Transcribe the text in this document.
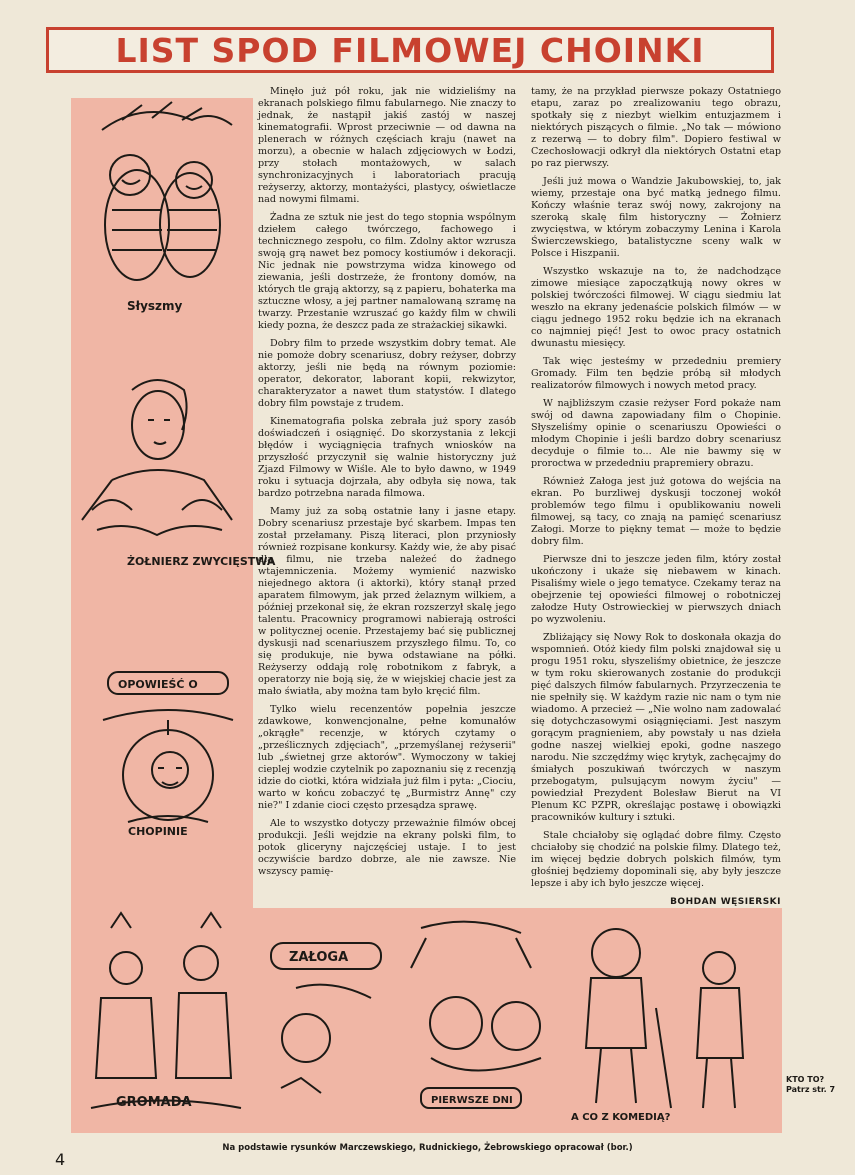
LIST SPOD FILMOWEJ CHOINKI
Słyszmy
ŻOŁNIERZ ZWYCIĘSTWA
OPOWIEŚĆ O
CHOPINIE

Minęło już pół roku, jak nie widzieliśmy na ekranach polskiego filmu fabularnego. Nie znaczy to jednak, że nastąpił jakiś zastój w naszej kinematografii. Wprost przeciwnie — od dawna na plenerach w różnych częściach kraju (nawet na morzu), a obecnie w halach zdjęciowych w Łodzi, przy stołach montażowych, w salach synchronizacyjnych i laboratoriach pracują reżyserzy, aktorzy, montażyści, plastycy, oświetlacze nad nowymi filmami.

Żadna ze sztuk nie jest do tego stopnia wspólnym dziełem całego twórczego, fachowego i technicznego zespołu, co film. Zdolny aktor wzrusza swoją grą nawet bez pomocy kostiumów i dekoracji. Nic jednak nie powstrzyma widza kinowego od ziewania, jeśli dostrzeże, że frontony domów, na których tle grają aktorzy, są z papieru, bohaterka ma sztuczne włosy, a jej partner namalowaną szramę na twarzy. Przestanie wzruszać go każdy film w chwili kiedy pozna, że deszcz pada ze strażackiej sikawki.

Dobry film to przede wszystkim dobry temat. Ale nie pomoże dobry scenariusz, dobry reżyser, dobrzy aktorzy, jeśli nie będą na równym poziomie: operator, dekorator, laborant kopii, rekwizytor, charakteryzator a nawet tłum statystów. I dlatego dobry film powstaje z trudem.

Kinematografia polska zebrała już spory zasób doświadczeń i osiągnięć. Do skorzystania z lekcji błędów i wyciągnięcia trafnych wniosków na przyszłość przyczynił się walnie historyczny już Zjazd Filmowy w Wiśle. Ale to było dawno, w 1949 roku i sytuacja dojrzała, aby odbyła się nowa, tak bardzo potrzebna narada filmowa.

Mamy już za sobą ostatnie łany i jasne etapy. Dobry scenariusz przestaje być skarbem. Impas ten został przełamany. Piszą literaci, plon przyniosły również rozpisane konkursy. Każdy wie, że aby pisać dla filmu, nie trzeba należeć do żadnego wtajemniczenia. Możemy wymienić nazwisko niejednego aktora (i aktorki), który stanął przed aparatem filmowym, jak przed żelaznym wilkiem, a później przekonał się, że ekran rozszerzył skalę jego talentu. Pracownicy programowi nabierają ostrości w politycznej ocenie. Przestajemy bać się publicznej dyskusji nad scenariuszem przyszłego filmu. To, co się produkuje, nie bywa odstawiane na półki. Reżyserzy oddają rolę robotnikom z fabryk, a operatorzy nie boją się, że w wiejskiej chacie jest za mało światła, aby można tam było kręcić film.

Tylko wielu recenzentów popełnia jeszcze zdawkowe, konwencjonalne, pełne komunałów „okrągłe" recenzje, w których czytamy o „prześlicznych zdjęciach", „przemyślanej reżyserii" lub „świetnej grze aktorów". Wymoczony w takiej cieplej wodzie czytelnik po zapoznaniu się z recenzją idzie do ciotki, która widziała już film i pyta: „Ciociu, warto w końcu zobaczyć tę „Burmistrz Annę" czy nie?" I zdanie cioci często przesądza sprawę.

Ale to wszystko dotyczy przeważnie filmów obcej produkcji. Jeśli wejdzie na ekrany polski film, to potok gliceryny najczęściej ustaje. I to jest oczywiście bardzo dobrze, ale nie zawsze. Nie wszyscy pamię-

tamy, że na przykład pierwsze pokazy Ostatniego etapu, zaraz po zrealizowaniu tego obrazu, spotkały się z niezbyt wielkim entuzjazmem i niektórych piszących o filmie. „No tak — mówiono z rezerwą — to dobry film". Dopiero festiwal w Czechosłowacji odkrył dla niektórych Ostatni etap po raz pierwszy.

Jeśli już mowa o Wandzie Jakubowskiej, to, jak wiemy, przestaje ona być matką jednego filmu. Kończy właśnie teraz swój nowy, zakrojony na szeroką skalę film historyczny — Żołnierz zwycięstwa, w którym zobaczymy Lenina i Karola Świerczewskiego, batalistyczne sceny walk w Polsce i Hiszpanii.

Wszystko wskazuje na to, że nadchodzące zimowe miesiące zapoczątkują nowy okres w polskiej twórczości filmowej. W ciągu siedmiu lat weszło na ekrany jedenaście polskich filmów — w ciągu jednego 1952 roku będzie ich na ekranach co najmniej pięć! Jest to owoc pracy ostatnich dwunastu miesięcy.

Tak więc jesteśmy w przededniu premiery Gromady. Film ten będzie próbą sił młodych realizatorów filmowych i nowych metod pracy.

W najbliższym czasie reżyser Ford pokaże nam swój od dawna zapowiadany film o Chopinie. Słyszeliśmy opinie o scenariuszu Opowieści o młodym Chopinie i jeśli bardzo dobry scenariusz decyduje o filmie to... Ale nie bawmy się w proroctwa w przededniu prapremiery obrazu.

Również Załoga jest już gotowa do wejścia na ekran. Po burzliwej dyskusji toczonej wokół problemów tego filmu i opublikowaniu noweli filmowej, są tacy, co znają na pamięć scenariusz Załogi. Morze to piękny temat — może to będzie dobry film.

Pierwsze dni to jeszcze jeden film, który został ukończony i ukaże się niebawem w kinach. Pisaliśmy wiele o jego tematyce. Czekamy teraz na obejrzenie tej opowieści filmowej o robotniczej załodze Huty Ostrowieckiej w pierwszych dniach po wyzwoleniu.

Zbliżający się Nowy Rok to doskonała okazja do wspomnień. Otóż kiedy film polski znajdował się u progu 1951 roku, słyszeliśmy obietnice, że jeszcze w tym roku skierowanych zostanie do produkcji pięć dalszych filmów fabularnych. Przyrzeczenia te nie spełniły się. W każdym razie nic nam o tym nie wiadomo. A przecież — „Nie wolno nam zadowalać się dotychczasowymi osiągnięciami. Jest naszym gorącym pragnieniem, aby powstały u nas dzieła godne naszej wielkiej epoki, godne naszego narodu. Nie szczędźmy więc krytyk, zachęcajmy do śmiałych poszukiwań twórczych w naszym przebogatym, pulsującym nowym życiu" — powiedział Prezydent Bolesław Bierut na VI Plenum KC PZPR, określając postawę i obowiązki pracowników kultury i sztuki.

Stale chciałoby się oglądać dobre filmy. Często chciałoby się chodzić na polskie filmy. Dlatego też, im więcej będzie dobrych polskich filmów, tym głośniej będziemy dopominali się, aby były jeszcze lepsze i aby ich było jeszcze więcej.

BOHDAN WĘSIERSKI
GROMADA
ZAŁOGA
PIERWSZE DNI
A CO Z KOMEDIĄ?
KTO TO?
Patrz str. 7
Na podstawie rysunków Marczewskiego, Rudnickiego, Żebrowskiego opracował (bor.)
4
